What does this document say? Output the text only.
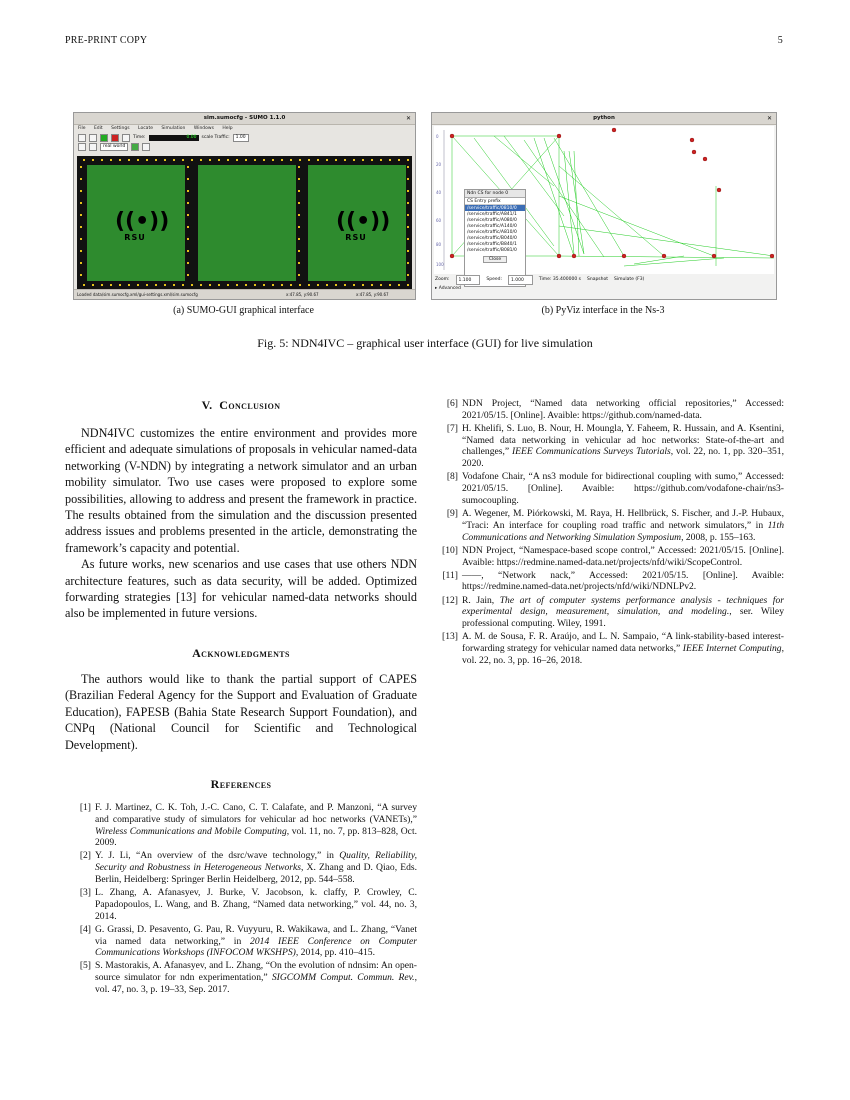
PRE-PRINT COPY	5
sim.sumocfg - SUMO 1.1.0	✕
File Edit Settings Locate Simulation Windows Help
Time:	0.00	scale Traffic:	1.00
real world
((•))
RSU
((•))
RSU
Loaded data/sim.sumocfg.xml/gui-settings.xml/sim.sumocfg	x:47.85, y:90.67	x:47.85, y:90.67
(a) SUMO-GUI graphical interface
python	✕
0
20
40
60
80
100
Ndn CS for node 0
CS Entry prefix
/service/traffic/0810/0
/service/traffic/A841/1
/service/traffic/A080/0
/service/traffic/A140/0
/service/traffic/A810/0
/service/traffic/B040/0
/service/traffic/B840/1
/service/traffic/B081/0
Close
Zoom:	1.100	Speed:	1.000	Time: 35.400000 s Snapshot Simulate (F3)
▸ Advanced
(b) PyViz interface in the Ns-3
Fig. 5: NDN4IVC – graphical user interface (GUI) for live simulation
V. Conclusion

NDN4IVC customizes the entire environment and provides more efficient and adequate simulations of proposals in vehicular named-data networking (V-NDN) by integrating a network simulator and an urban mobility simulator. Two use cases were proposed to explore some possibilities, allowing to address and present the framework in practice. The results obtained from the simulation and the discussion presented address issues and problems presented in the article, demonstrating the framework’s capacity and potential.

As future works, new scenarios and use cases that use others NDN architecture features, such as data security, will be added. Optimized forwarding strategies [13] for vehicular named-data networks should also be implemented in future versions.

Acknowledgments

The authors would like to thank the partial support of CAPES (Brazilian Federal Agency for the Support and Evaluation of Graduate Education), FAPESB (Bahia State Research Support Foundation), and CNPq (National Council for Scientific and Technological Development).

References
[1] F. J. Martinez, C. K. Toh, J.-C. Cano, C. T. Calafate, and P. Manzoni, “A survey and comparative study of simulators for vehicular ad hoc networks (VANETs),” Wireless Communications and Mobile Computing, vol. 11, no. 7, pp. 813–828, Oct. 2009.
[2] Y. J. Li, “An overview of the dsrc/wave technology,” in Quality, Reliability, Security and Robustness in Heterogeneous Networks, X. Zhang and D. Qiao, Eds. Berlin, Heidelberg: Springer Berlin Heidelberg, 2012, pp. 544–558.
[3] L. Zhang, A. Afanasyev, J. Burke, V. Jacobson, k. claffy, P. Crowley, C. Papadopoulos, L. Wang, and B. Zhang, “Named data networking,” vol. 44, no. 3, 2014.
[4] G. Grassi, D. Pesavento, G. Pau, R. Vuyyuru, R. Wakikawa, and L. Zhang, “Vanet via named data networking,” in 2014 IEEE Conference on Computer Communications Workshops (INFOCOM WKSHPS), 2014, pp. 410–415.
[5] S. Mastorakis, A. Afanasyev, and L. Zhang, “On the evolution of ndnsim: An open-source simulator for ndn experimentation,” SIGCOMM Comput. Commun. Rev., vol. 47, no. 3, p. 19–33, Sep. 2017.
[6] NDN Project, “Named data networking official repositories,” Accessed: 2021/05/15. [Online]. Avaible: https://github.com/named-data.
[7] H. Khelifi, S. Luo, B. Nour, H. Moungla, Y. Faheem, R. Hussain, and A. Ksentini, “Named data networking in vehicular ad hoc networks: State-of-the-art and challenges,” IEEE Communications Surveys Tutorials, vol. 22, no. 1, pp. 320–351, 2020.
[8] Vodafone Chair, “A ns3 module for bidirectional coupling with sumo,” Accessed: 2021/05/15. [Online]. Avaible: https://github.com/vodafone-chair/ns3-sumocoupling.
[9] A. Wegener, M. Piórkowski, M. Raya, H. Hellbrück, S. Fischer, and J.-P. Hubaux, “Traci: An interface for coupling road traffic and network simulators,” in 11th Communications and Networking Simulation Symposium, 2008, p. 155–163.
[10] NDN Project, “Namespace-based scope control,” Accessed: 2021/05/15. [Online]. Avaible: https://redmine.named-data.net/projects/nfd/wiki/ScopeControl.
[11] ——, “Network nack,” Accessed: 2021/05/15. [Online]. Avaible: https://redmine.named-data.net/projects/nfd/wiki/NDNLPv2.
[12] R. Jain, The art of computer systems performance analysis - techniques for experimental design, measurement, simulation, and modeling., ser. Wiley professional computing. Wiley, 1991.
[13] A. M. de Sousa, F. R. Araújo, and L. N. Sampaio, “A link-stability-based interest-forwarding strategy for vehicular named data networks,” IEEE Internet Computing, vol. 22, no. 3, pp. 16–26, 2018.
